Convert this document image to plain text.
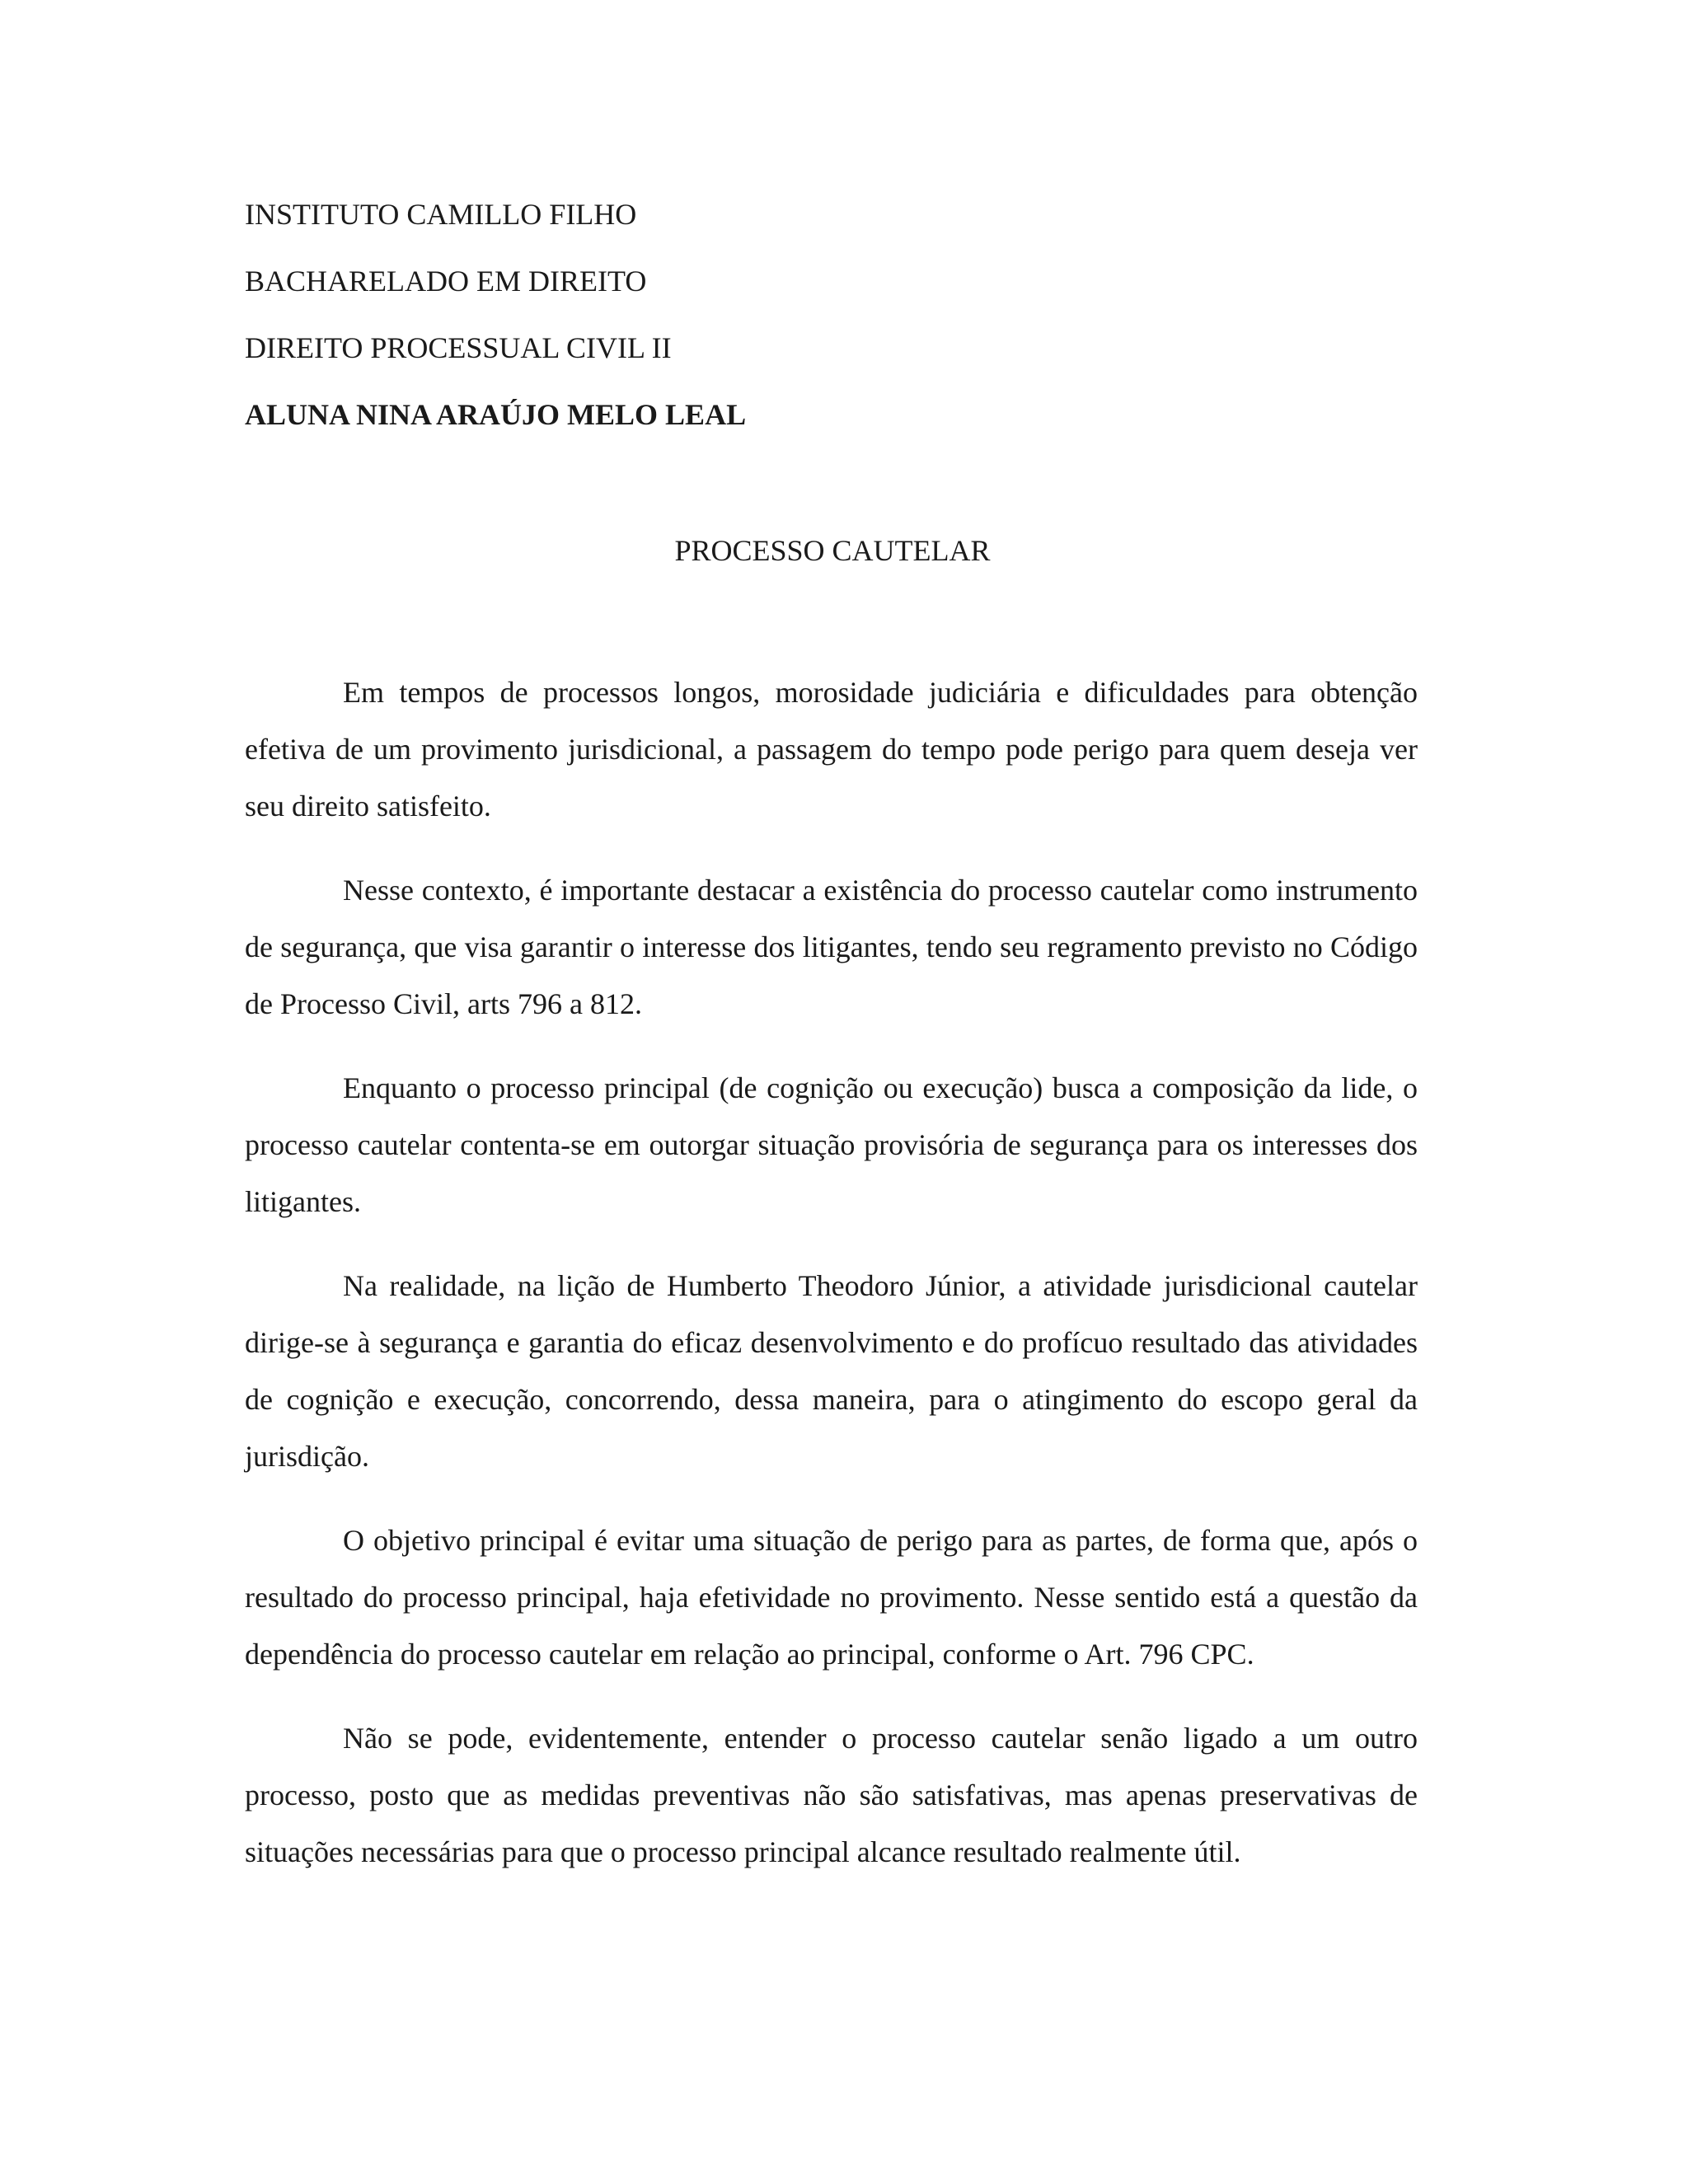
INSTITUTO CAMILLO FILHO

BACHARELADO EM DIREITO

DIREITO PROCESSUAL CIVIL II

ALUNA NINA ARAÚJO MELO LEAL

PROCESSO CAUTELAR

Em tempos de processos longos, morosidade judiciária e dificuldades para obtenção efetiva de um provimento jurisdicional, a passagem do tempo pode perigo para quem deseja ver seu direito satisfeito.

Nesse contexto, é importante destacar a existência do processo cautelar como instrumento de segurança, que visa garantir o interesse dos litigantes, tendo seu regramento previsto no Código de Processo Civil, arts 796 a 812.

Enquanto o processo principal (de cognição ou execução) busca a composição da lide, o processo cautelar contenta-se em outorgar situação provisória de segurança para os interesses dos litigantes.

Na realidade, na lição de Humberto Theodoro Júnior, a atividade jurisdicional cautelar dirige-se à segurança e garantia do eficaz desenvolvimento e do profícuo resultado das atividades de cognição e execução, concorrendo, dessa maneira, para o atingimento do escopo geral da jurisdição.

O objetivo principal é evitar uma situação de perigo para as partes, de forma que, após o resultado do processo principal, haja efetividade no provimento. Nesse sentido está a questão da dependência do processo cautelar em relação ao principal, conforme o Art. 796 CPC.

Não se pode, evidentemente, entender o processo cautelar senão ligado a um outro processo, posto que as medidas preventivas não são satisfativas, mas apenas preservativas de situações necessárias para que o processo principal alcance resultado realmente útil.
